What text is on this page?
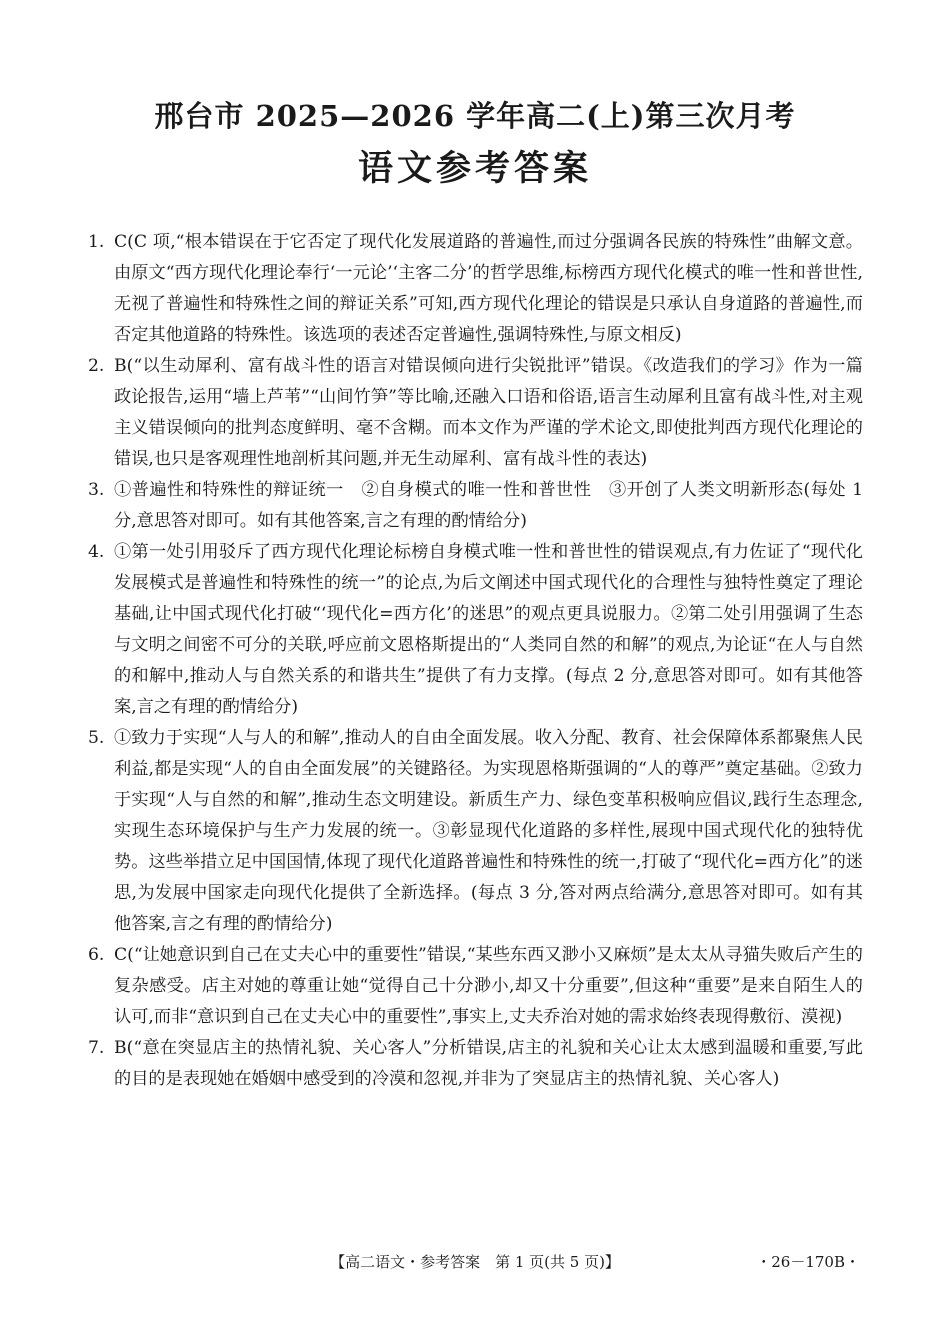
邢台市 2025—2026 学年高二(上)第三次月考
语文参考答案
1. C(C 项,“根本错误在于它否定了现代化发展道路的普遍性,而过分强调各民族的特殊性”曲解文意。由原文“西方现代化理论奉行‘一元论’‘主客二分’的哲学思维,标榜西方现代化模式的唯一性和普世性,无视了普遍性和特殊性之间的辩证关系”可知,西方现代化理论的错误是只承认自身道路的普遍性,而否定其他道路的特殊性。该选项的表述否定普遍性,强调特殊性,与原文相反)
2. B(“以生动犀利、富有战斗性的语言对错误倾向进行尖锐批评”错误。《改造我们的学习》作为一篇政论报告,运用“墙上芦苇”“山间竹笋”等比喻,还融入口语和俗语,语言生动犀利且富有战斗性,对主观主义错误倾向的批判态度鲜明、毫不含糊。而本文作为严谨的学术论文,即使批判西方现代化理论的错误,也只是客观理性地剖析其问题,并无生动犀利、富有战斗性的表达)
3. ①普遍性和特殊性的辩证统一　②自身模式的唯一性和普世性　③开创了人类文明新形态(每处 1 分,意思答对即可。如有其他答案,言之有理的酌情给分)
4. ①第一处引用驳斥了西方现代化理论标榜自身模式唯一性和普世性的错误观点,有力佐证了“现代化发展模式是普遍性和特殊性的统一”的论点,为后文阐述中国式现代化的合理性与独特性奠定了理论基础,让中国式现代化打破“‘现代化=西方化’的迷思”的观点更具说服力。②第二处引用强调了生态与文明之间密不可分的关联,呼应前文恩格斯提出的“人类同自然的和解”的观点,为论证“在人与自然的和解中,推动人与自然关系的和谐共生”提供了有力支撑。(每点 2 分,意思答对即可。如有其他答案,言之有理的酌情给分)
5. ①致力于实现“人与人的和解”,推动人的自由全面发展。收入分配、教育、社会保障体系都聚焦人民利益,都是实现“人的自由全面发展”的关键路径。为实现恩格斯强调的“人的尊严”奠定基础。②致力于实现“人与自然的和解”,推动生态文明建设。新质生产力、绿色变革积极响应倡议,践行生态理念,实现生态环境保护与生产力发展的统一。③彰显现代化道路的多样性,展现中国式现代化的独特优势。这些举措立足中国国情,体现了现代化道路普遍性和特殊性的统一,打破了“现代化=西方化”的迷思,为发展中国家走向现代化提供了全新选择。(每点 3 分,答对两点给满分,意思答对即可。如有其他答案,言之有理的酌情给分)
6. C(“让她意识到自己在丈夫心中的重要性”错误,“某些东西又渺小又麻烦”是太太从寻猫失败后产生的复杂感受。店主对她的尊重让她“觉得自己十分渺小,却又十分重要”,但这种“重要”是来自陌生人的认可,而非“意识到自己在丈夫心中的重要性”,事实上,丈夫乔治对她的需求始终表现得敷衍、漠视)
7. B(“意在突显店主的热情礼貌、关心客人”分析错误,店主的礼貌和关心让太太感到温暖和重要,写此的目的是表现她在婚姻中感受到的冷漠和忽视,并非为了突显店主的热情礼貌、关心客人)
【高二语文・参考答案　第 1 页(共 5 页)】	・26－170B・
